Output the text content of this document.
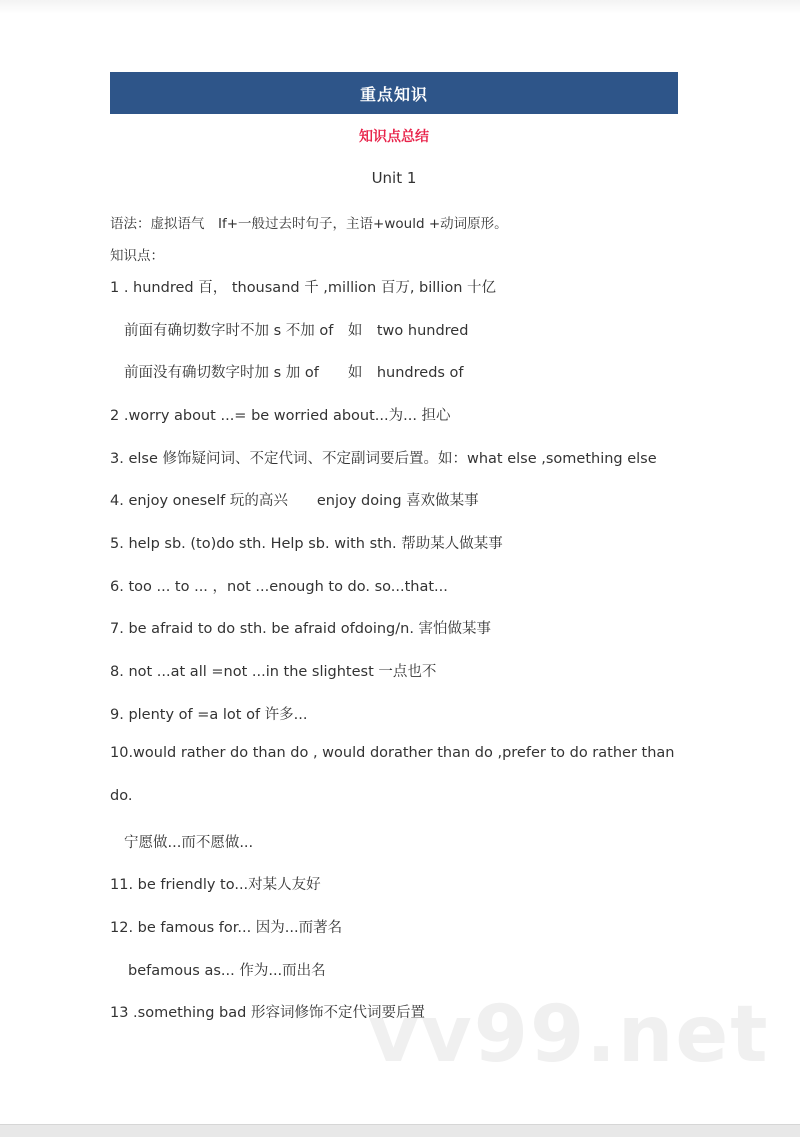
重点知识
知识点总结
Unit 1
语法：虚拟语气　If+一般过去时句子，主语+would +动词原形。
知识点：
1 . hundred 百， thousand 千 ,million 百万, billion 十亿
前面有确切数字时不加 s 不加 of　如　two hundred
前面没有确切数字时加 s 加 of　　如　hundreds of
2 .worry about ...= be worried about...为... 担心
3. else 修饰疑问词、不定代词、不定副词要后置。如：what else ,something else
4. enjoy oneself 玩的高兴　　enjoy doing 喜欢做某事
5. help sb. (to)do sth. Help sb. with sth. 帮助某人做某事
6. too ... to ... ，not ...enough to do. so...that...
7. be afraid to do sth. be afraid ofdoing/n. 害怕做某事
8. not ...at all =not ...in the slightest 一点也不
9. plenty of =a lot of 许多...
10.would rather do than do , would dorather than do ,prefer to do rather than
do.
宁愿做...而不愿做...
11. be friendly to...对某人友好
12. be famous for... 因为...而著名
befamous as... 作为...而出名
13 .something bad 形容词修饰不定代词要后置
vv99.net
